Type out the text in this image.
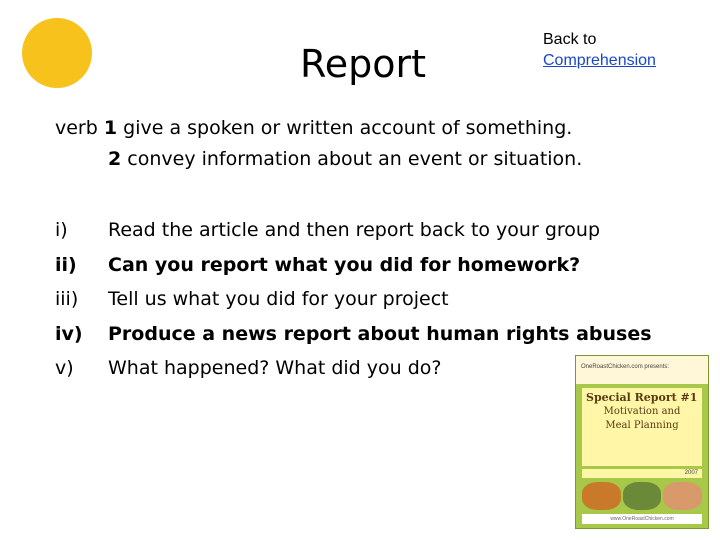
Report
Back to
Comprehension
verb 1 give a spoken or written account of something.
2 convey information about an event or situation.
i)	Read the article and then report back to your group
ii)	Can you report what you did for homework?
iii)	Tell us what you did for your project
iv)	Produce a news report about human rights abuses
v)	What happened? What did you do?	OneRoastChicken.com presents:
Special Report #1
Motivation and
Meal Planning
2007
www.OneRoastChicken.com
